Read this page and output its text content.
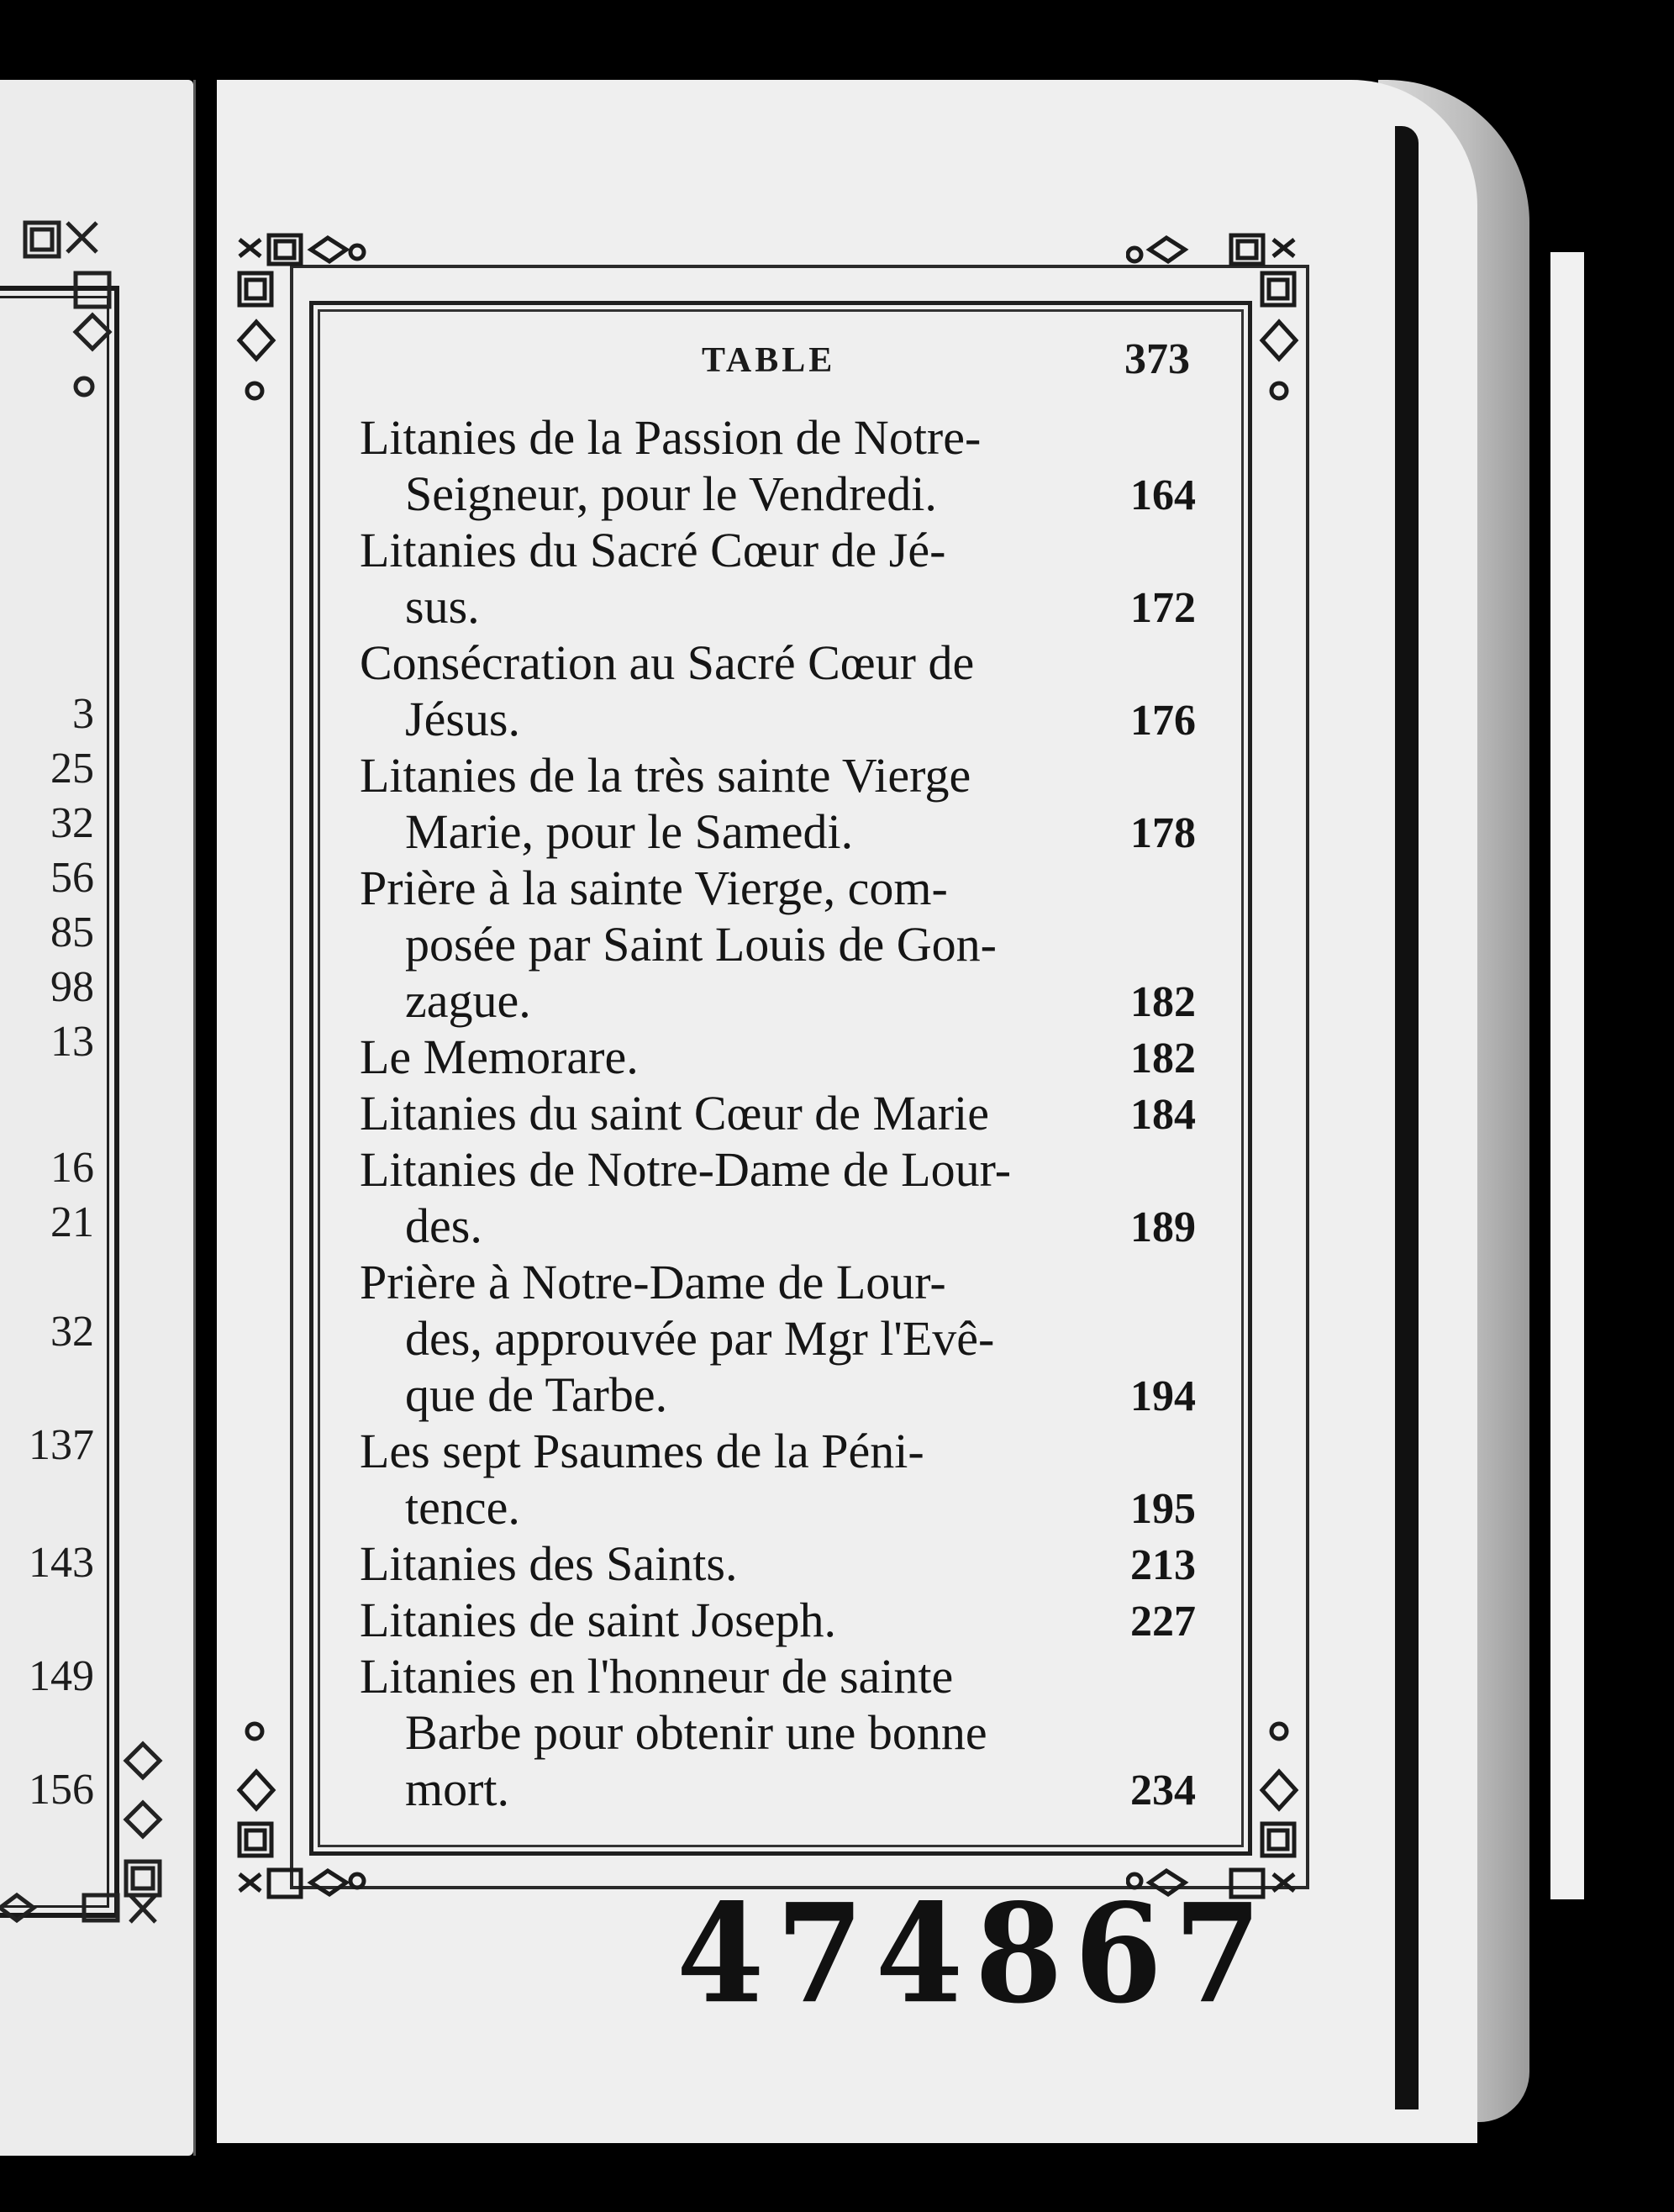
3
25
32
56
85
98
13
16
21
32
137
143
149
156
TABLE	373
Litanies de la Passion de Notre-
Seigneur, pour le Vendredi.	164
Litanies du Sacré Cœur de Jé-
sus.	172
Consécration au Sacré Cœur de
Jésus.	176
Litanies de la très sainte Vierge
Marie, pour le Samedi.	178
Prière à la sainte Vierge, com-
posée par Saint Louis de Gon-
zague.	182
Le Memorare.	182
Litanies du saint Cœur de Marie	184
Litanies de Notre-Dame de Lour-
des.	189
Prière à Notre-Dame de Lour-
des, approuvée par Mgr l'Evê-
que de Tarbe.	194
Les sept Psaumes de la Péni-
tence.	195
Litanies des Saints.	213
Litanies de saint Joseph.	227
Litanies en l'honneur de sainte
Barbe pour obtenir une bonne
mort.	234
474867
